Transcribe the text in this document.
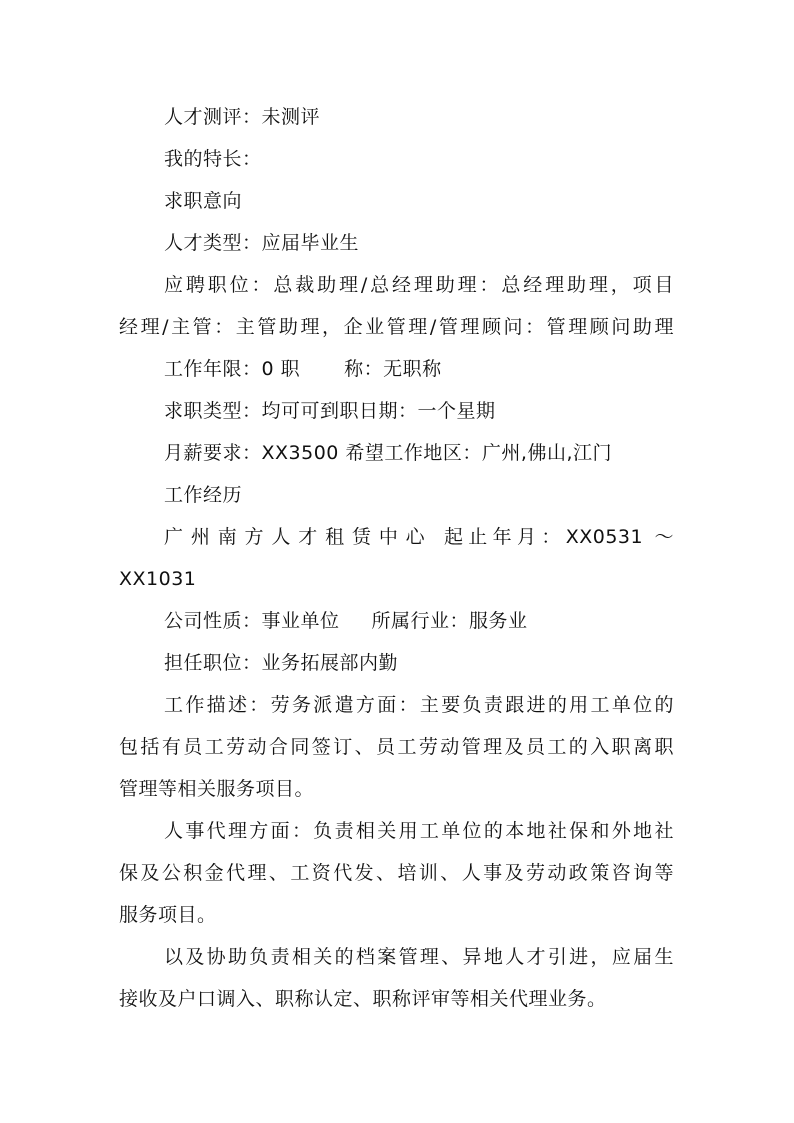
人才测评：未测评
我的特长：
求职意向
人才类型：应届毕业生
应聘职位：总裁助理/总经理助理：总经理助理，项目
经理/主管：主管助理，企业管理/管理顾问：管理顾问助理
工作年限：0 职 称：无职称
求职类型：均可可到职日期：一个星期
月薪要求：XX3500 希望工作地区：广州,佛山,江门
工作经历
广州南方人才租赁中心 起止年月：XX0531 ～
XX1031
公司性质：事业单位 所属行业：服务业
担任职位：业务拓展部内勤
工作描述：劳务派遣方面：主要负责跟进的用工单位的
包括有员工劳动合同签订、员工劳动管理及员工的入职离职
管理等相关服务项目。
人事代理方面：负责相关用工单位的本地社保和外地社
保及公积金代理、工资代发、培训、人事及劳动政策咨询等
服务项目。
以及协助负责相关的档案管理、异地人才引进，应届生
接收及户口调入、职称认定、职称评审等相关代理业务。
